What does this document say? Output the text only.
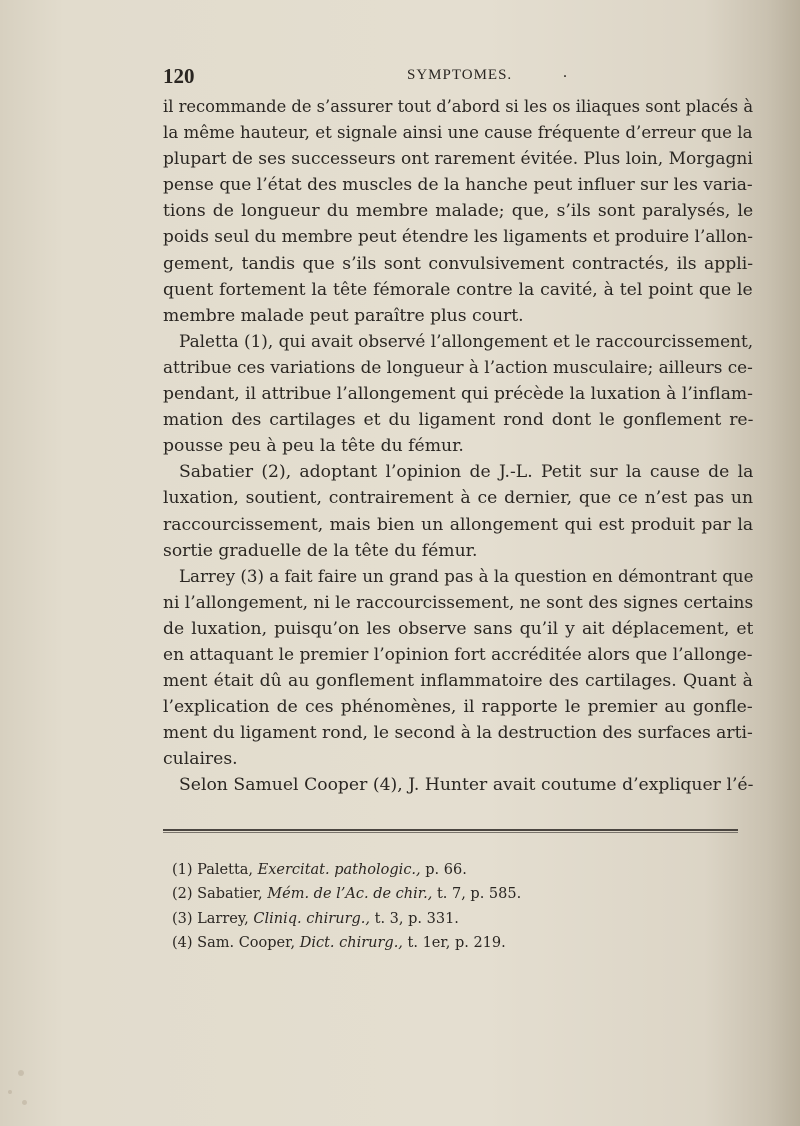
120	SYMPTOMES.	.
il recommande de s’assurer tout d’abord si les os iliaques sont placés à
la même hauteur, et signale ainsi une cause fréquente d’erreur que la
plupart de ses successeurs ont rarement évitée. Plus loin, Morgagni
pense que l’état des muscles de la hanche peut influer sur les varia-
tions de longueur du membre malade; que, s’ils sont paralysés, le
poids seul du membre peut étendre les ligaments et produire l’allon-
gement, tandis que s’ils sont convulsivement contractés, ils appli-
quent fortement la tête fémorale contre la cavité, à tel point que le
membre malade peut paraître plus court.
Paletta (1), qui avait observé l’allongement et le raccourcissement,
attribue ces variations de longueur à l’action musculaire; ailleurs ce-
pendant, il attribue l’allongement qui précède la luxation à l’inflam-
mation des cartilages et du ligament rond dont le gonflement re-
pousse peu à peu la tête du fémur.
Sabatier (2), adoptant l’opinion de J.-L. Petit sur la cause de la
luxation, soutient, contrairement à ce dernier, que ce n’est pas un
raccourcissement, mais bien un allongement qui est produit par la
sortie graduelle de la tête du fémur.
Larrey (3) a fait faire un grand pas à la question en démontrant que
ni l’allongement, ni le raccourcissement, ne sont des signes certains
de luxation, puisqu’on les observe sans qu’il y ait déplacement, et
en attaquant le premier l’opinion fort accréditée alors que l’allonge-
ment était dû au gonflement inflammatoire des cartilages. Quant à
l’explication de ces phénomènes, il rapporte le premier au gonfle-
ment du ligament rond, le second à la destruction des surfaces arti-
culaires.
Selon Samuel Cooper (4), J. Hunter avait coutume d’expliquer l’é-
(1) Paletta, Exercitat. pathologic., p. 66.
(2) Sabatier, Mém. de l’Ac. de chir., t. 7, p. 585.
(3) Larrey, Cliniq. chirurg., t. 3, p. 331.
(4) Sam. Cooper, Dict. chirurg., t. 1er, p. 219.
